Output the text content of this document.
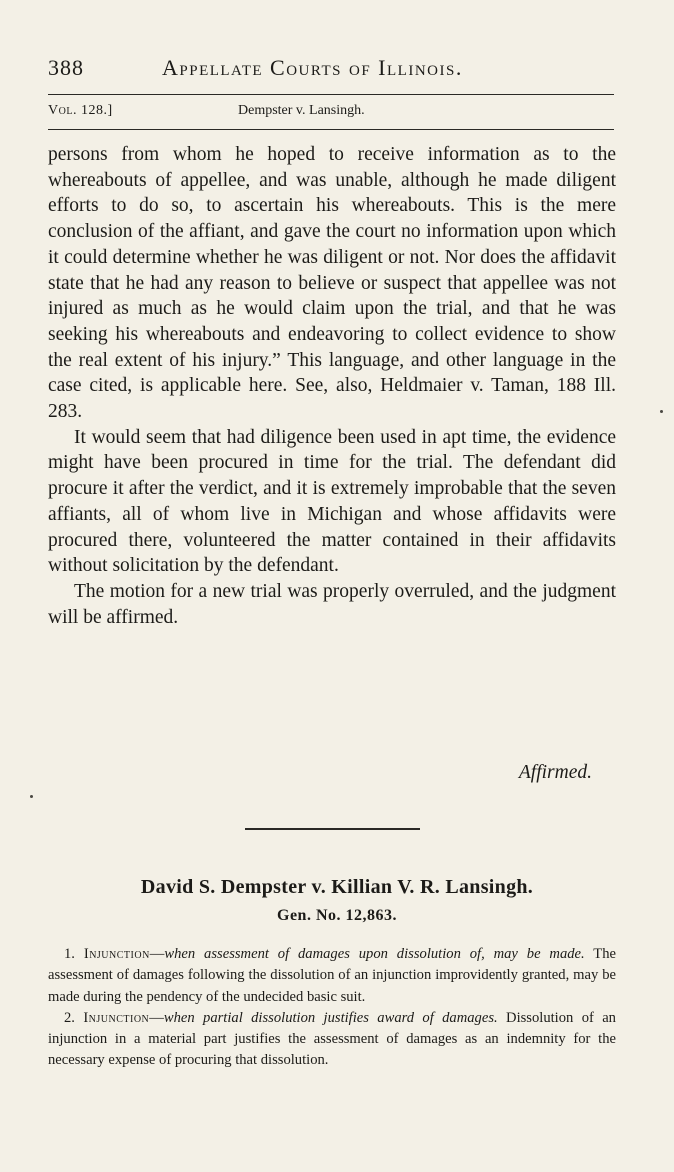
388	Appellate Courts of Illinois.
Vol. 128.]	Dempster v. Lansingh.

persons from whom he hoped to receive information as to the whereabouts of appellee, and was unable, although he made diligent efforts to do so, to ascertain his whereabouts. This is the mere conclusion of the affiant, and gave the court no information upon which it could determine whether he was diligent or not. Nor does the affidavit state that he had any reason to believe or suspect that appellee was not injured as much as he would claim upon the trial, and that he was seeking his whereabouts and endeavoring to collect evidence to show the real extent of his injury.” This language, and other language in the case cited, is applicable here. See, also, Heldmaier v. Taman, 188 Ill. 283.

It would seem that had diligence been used in apt time, the evidence might have been procured in time for the trial. The defendant did procure it after the verdict, and it is extremely improbable that the seven affiants, all of whom live in Michigan and whose affidavits were procured there, volunteered the matter contained in their affidavits without solicitation by the defendant.

The motion for a new trial was properly overruled, and the judgment will be affirmed.

Affirmed.
David S. Dempster v. Killian V. R. Lansingh.
Gen. No. 12,863.

1. Injunction—when assessment of damages upon dissolution of, may be made. The assessment of damages following the dissolution of an injunction improvidently granted, may be made during the pendency of the undecided basic suit.

2. Injunction—when partial dissolution justifies award of damages. Dissolution of an injunction in a material part justifies the assessment of damages as an indemnity for the necessary expense of procuring that dissolution.
